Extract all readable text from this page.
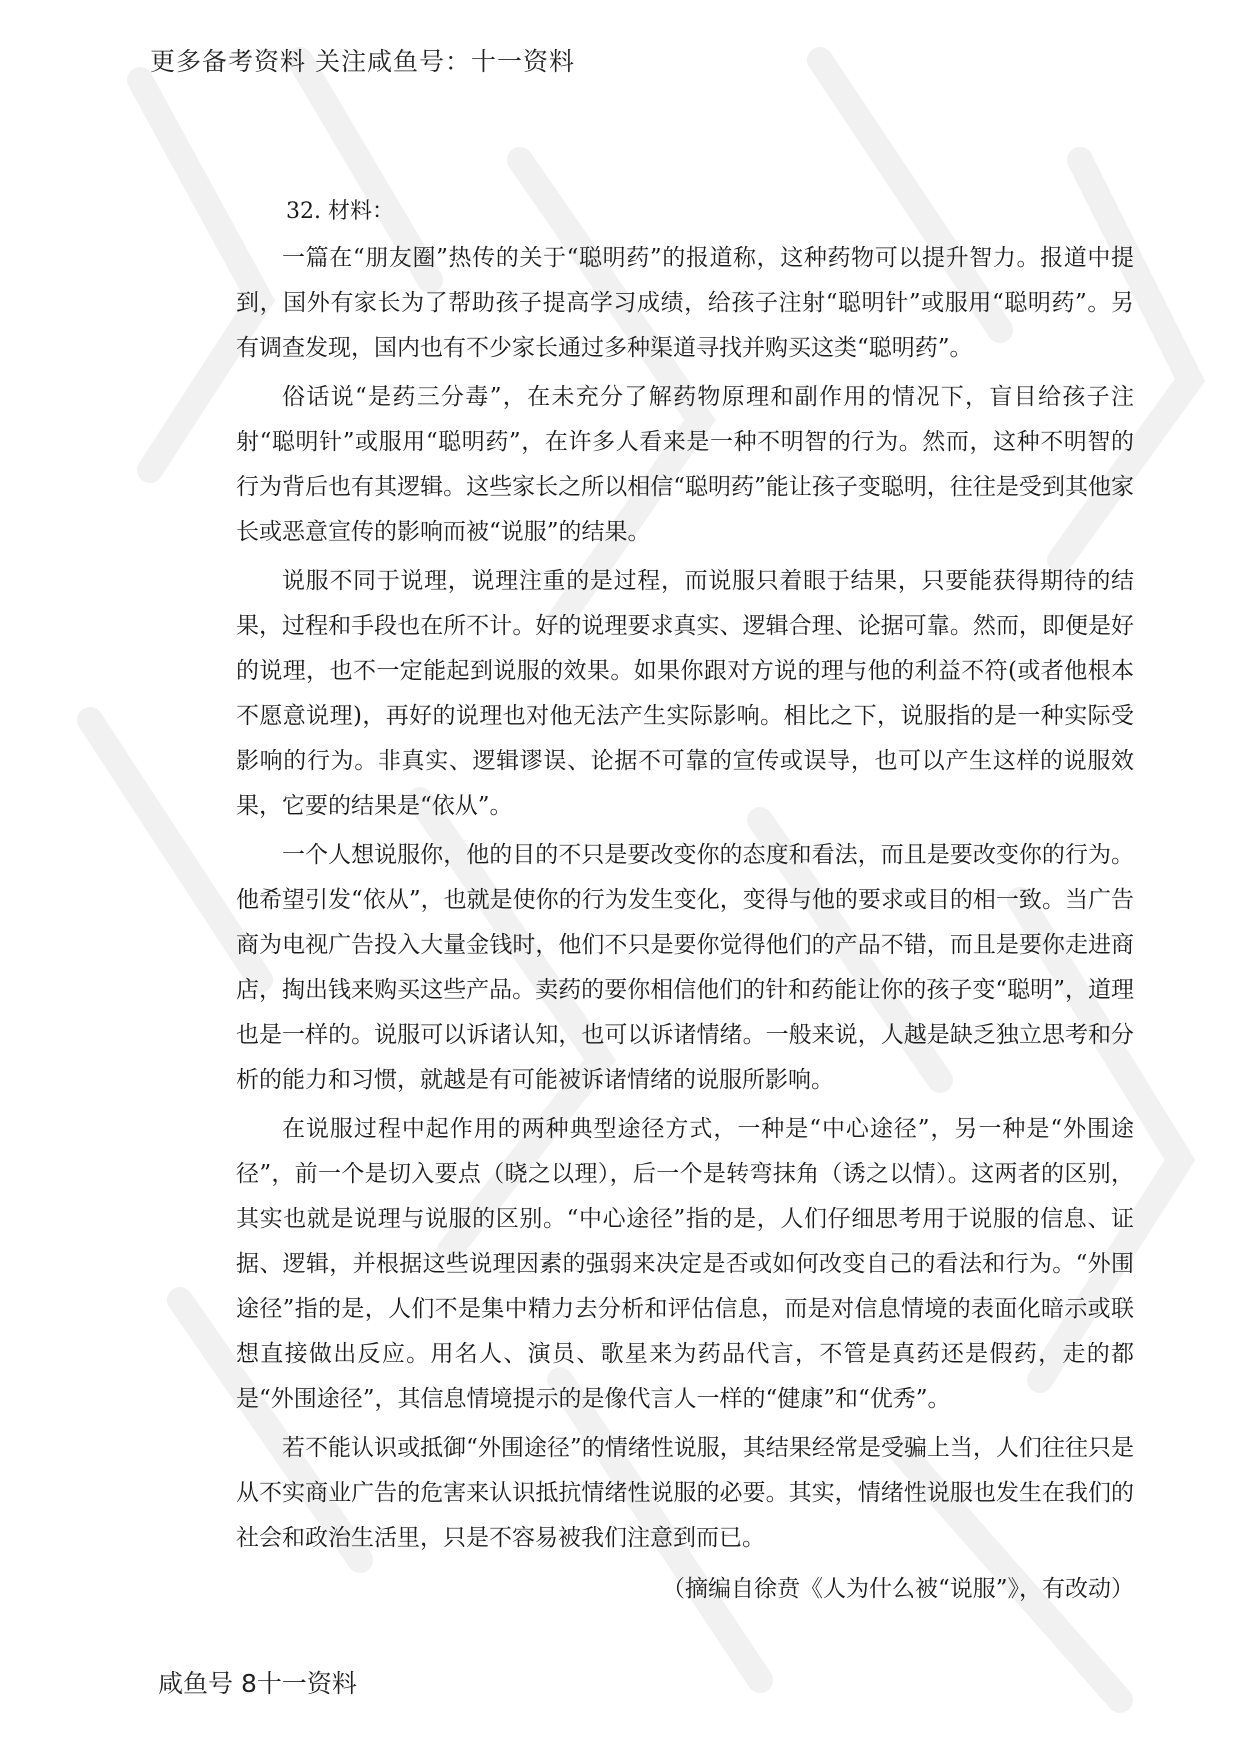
更多备考资料 关注咸鱼号：十一资料
32. 材料：

一篇在“朋友圈”热传的关于“聪明药”的报道称，这种药物可以提升智力。报道中提到，国外有家长为了帮助孩子提高学习成绩，给孩子注射“聪明针”或服用“聪明药”。另有调查发现，国内也有不少家长通过多种渠道寻找并购买这类“聪明药”。

俗话说“是药三分毒”，在未充分了解药物原理和副作用的情况下，盲目给孩子注射“聪明针”或服用“聪明药”，在许多人看来是一种不明智的行为。然而，这种不明智的行为背后也有其逻辑。这些家长之所以相信“聪明药”能让孩子变聪明，往往是受到其他家长或恶意宣传的影响而被“说服”的结果。

说服不同于说理，说理注重的是过程，而说服只着眼于结果，只要能获得期待的结果，过程和手段也在所不计。好的说理要求真实、逻辑合理、论据可靠。然而，即便是好的说理，也不一定能起到说服的效果。如果你跟对方说的理与他的利益不符(或者他根本不愿意说理)，再好的说理也对他无法产生实际影响。相比之下，说服指的是一种实际受影响的行为。非真实、逻辑谬误、论据不可靠的宣传或误导，也可以产生这样的说服效果，它要的结果是“依从”。

一个人想说服你，他的目的不只是要改变你的态度和看法，而且是要改变你的行为。他希望引发“依从”，也就是使你的行为发生变化，变得与他的要求或目的相一致。当广告商为电视广告投入大量金钱时，他们不只是要你觉得他们的产品不错，而且是要你走进商店，掏出钱来购买这些产品。卖药的要你相信他们的针和药能让你的孩子变“聪明”，道理也是一样的。说服可以诉诸认知，也可以诉诸情绪。一般来说，人越是缺乏独立思考和分析的能力和习惯，就越是有可能被诉诸情绪的说服所影响。

在说服过程中起作用的两种典型途径方式，一种是“中心途径”，另一种是“外围途径”，前一个是切入要点（晓之以理），后一个是转弯抹角（诱之以情）。这两者的区别，其实也就是说理与说服的区别。“中心途径”指的是，人们仔细思考用于说服的信息、证据、逻辑，并根据这些说理因素的强弱来决定是否或如何改变自己的看法和行为。“外围途径”指的是，人们不是集中精力去分析和评估信息，而是对信息情境的表面化暗示或联想直接做出反应。用名人、演员、歌星来为药品代言，不管是真药还是假药，走的都是“外围途径”，其信息情境提示的是像代言人一样的“健康”和“优秀”。

若不能认识或抵御“外围途径”的情绪性说服，其结果经常是受骗上当，人们往往只是从不实商业广告的危害来认识抵抗情绪性说服的必要。其实，情绪性说服也发生在我们的社会和政治生活里，只是不容易被我们注意到而已。

（摘编自徐贲《人为什么被“说服”》，有改动）
咸鱼号 8十一资料
